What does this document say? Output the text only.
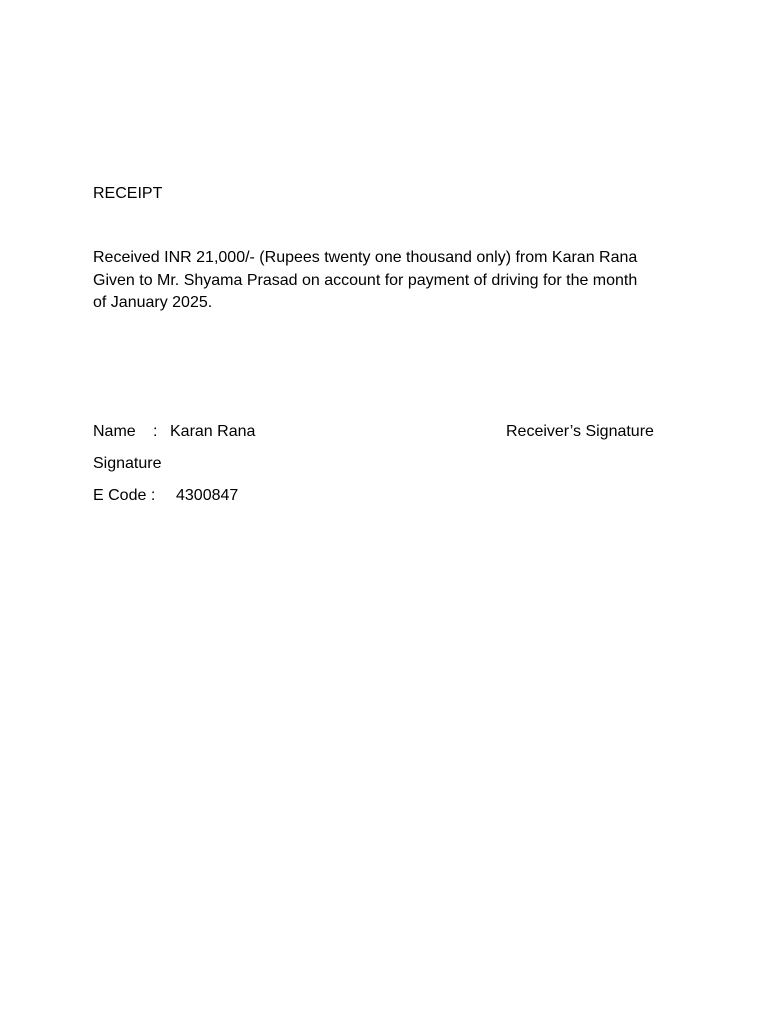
RECEIPT
Received INR 21,000/- (Rupees twenty one thousand only) from Karan Rana
Given to Mr. Shyama Prasad on account for payment of driving for the month
of January 2025.
Name : Karan Rana	Receiver’s Signature
Signature
E Code : 4300847
